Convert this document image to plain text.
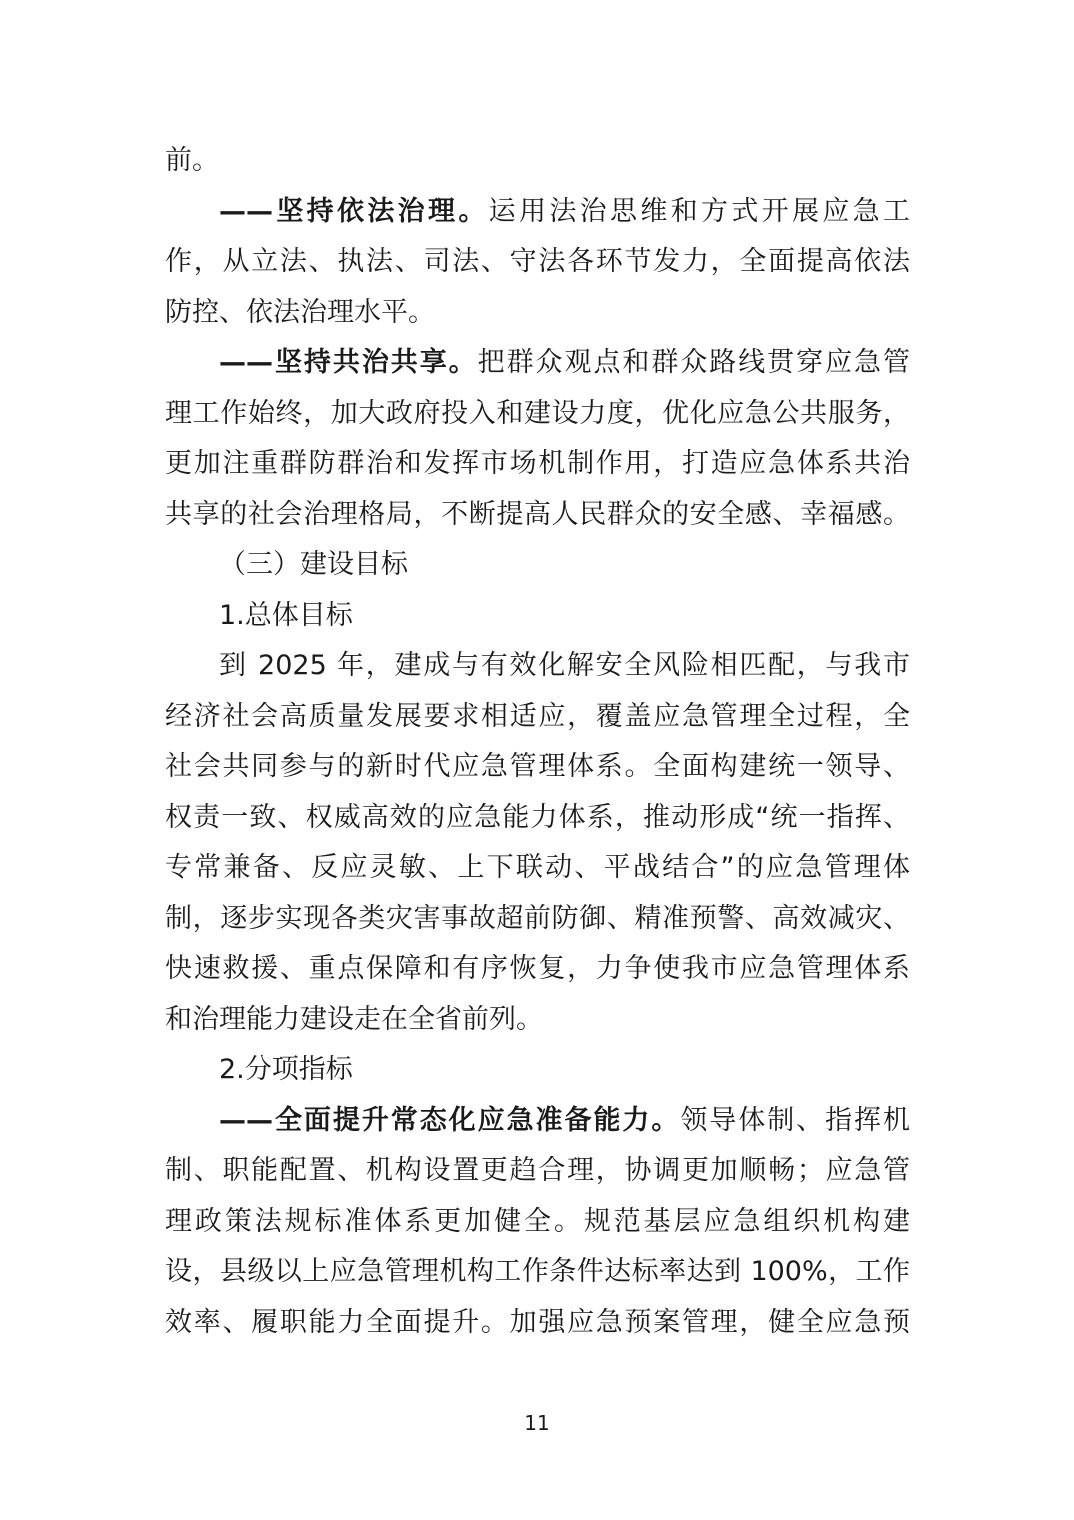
前。
——坚持依法治理。运用法治思维和方式开展应急工
作，从立法、执法、司法、守法各环节发力，全面提高依法
防控、依法治理水平。
——坚持共治共享。把群众观点和群众路线贯穿应急管
理工作始终，加大政府投入和建设力度，优化应急公共服务，
更加注重群防群治和发挥市场机制作用，打造应急体系共治
共享的社会治理格局，不断提高人民群众的安全感、幸福感。
（三）建设目标
1.总体目标
到 2025 年，建成与有效化解安全风险相匹配，与我市
经济社会高质量发展要求相适应，覆盖应急管理全过程，全
社会共同参与的新时代应急管理体系。全面构建统一领导、
权责一致、权威高效的应急能力体系，推动形成“统一指挥、
专常兼备、反应灵敏、上下联动、平战结合”的应急管理体
制，逐步实现各类灾害事故超前防御、精准预警、高效减灾、
快速救援、重点保障和有序恢复，力争使我市应急管理体系
和治理能力建设走在全省前列。
2.分项指标
——全面提升常态化应急准备能力。领导体制、指挥机
制、职能配置、机构设置更趋合理，协调更加顺畅；应急管
理政策法规标准体系更加健全。规范基层应急组织机构建
设，县级以上应急管理机构工作条件达标率达到 100%，工作
效率、履职能力全面提升。加强应急预案管理，健全应急预
11
